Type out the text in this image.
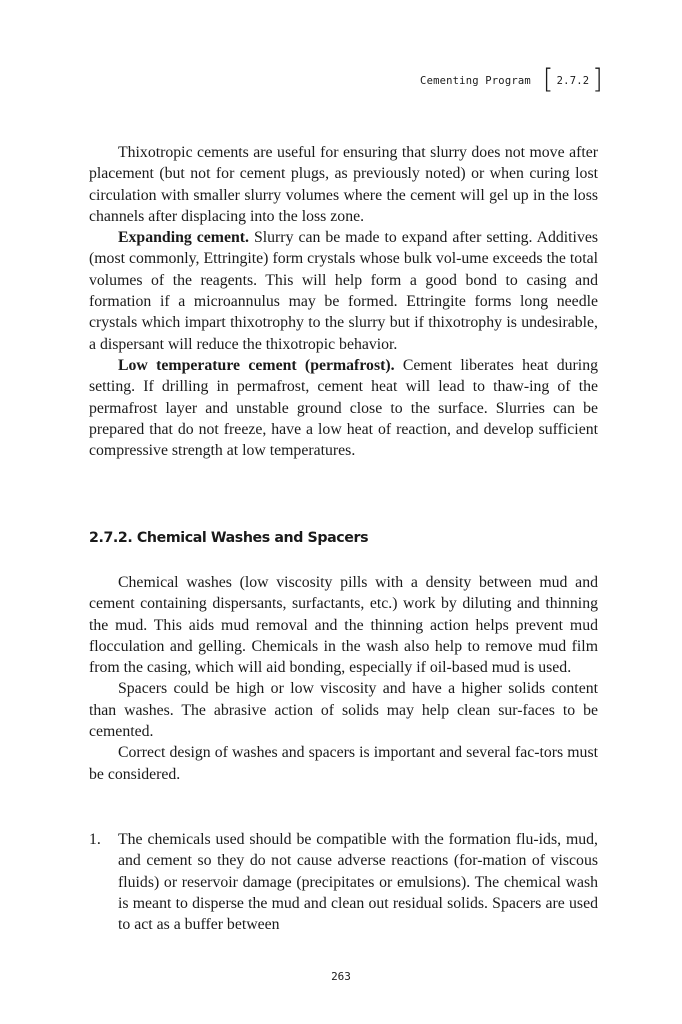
Cementing Program [ 2.7.2 ]

Thixotropic cements are useful for ensuring that slurry does not move after placement (but not for cement plugs, as previously noted) or when curing lost circulation with smaller slurry volumes where the cement will gel up in the loss channels after displacing into the loss zone.

Expanding cement. Slurry can be made to expand after setting. Additives (most commonly, Ettringite) form crystals whose bulk vol-ume exceeds the total volumes of the reagents. This will help form a good bond to casing and formation if a microannulus may be formed. Ettringite forms long needle crystals which impart thixotrophy to the slurry but if thixotrophy is undesirable, a dispersant will reduce the thixotropic behavior.

Low temperature cement (permafrost). Cement liberates heat during setting. If drilling in permafrost, cement heat will lead to thaw-ing of the permafrost layer and unstable ground close to the surface. Slurries can be prepared that do not freeze, have a low heat of reaction, and develop sufficient compressive strength at low temperatures.

2.7.2. Chemical Washes and Spacers

Chemical washes (low viscosity pills with a density between mud and cement containing dispersants, surfactants, etc.) work by diluting and thinning the mud. This aids mud removal and the thinning action helps prevent mud flocculation and gelling. Chemicals in the wash also help to remove mud film from the casing, which will aid bonding, especially if oil-based mud is used.

Spacers could be high or low viscosity and have a higher solids content than washes. The abrasive action of solids may help clean sur-faces to be cemented.

Correct design of washes and spacers is important and several fac-tors must be considered.

1.	The chemicals used should be compatible with the formation flu-ids, mud, and cement so they do not cause adverse reactions (for-mation of viscous fluids) or reservoir damage (precipitates or emulsions). The chemical wash is meant to disperse the mud and clean out residual solids. Spacers are used to act as a buffer between
263
